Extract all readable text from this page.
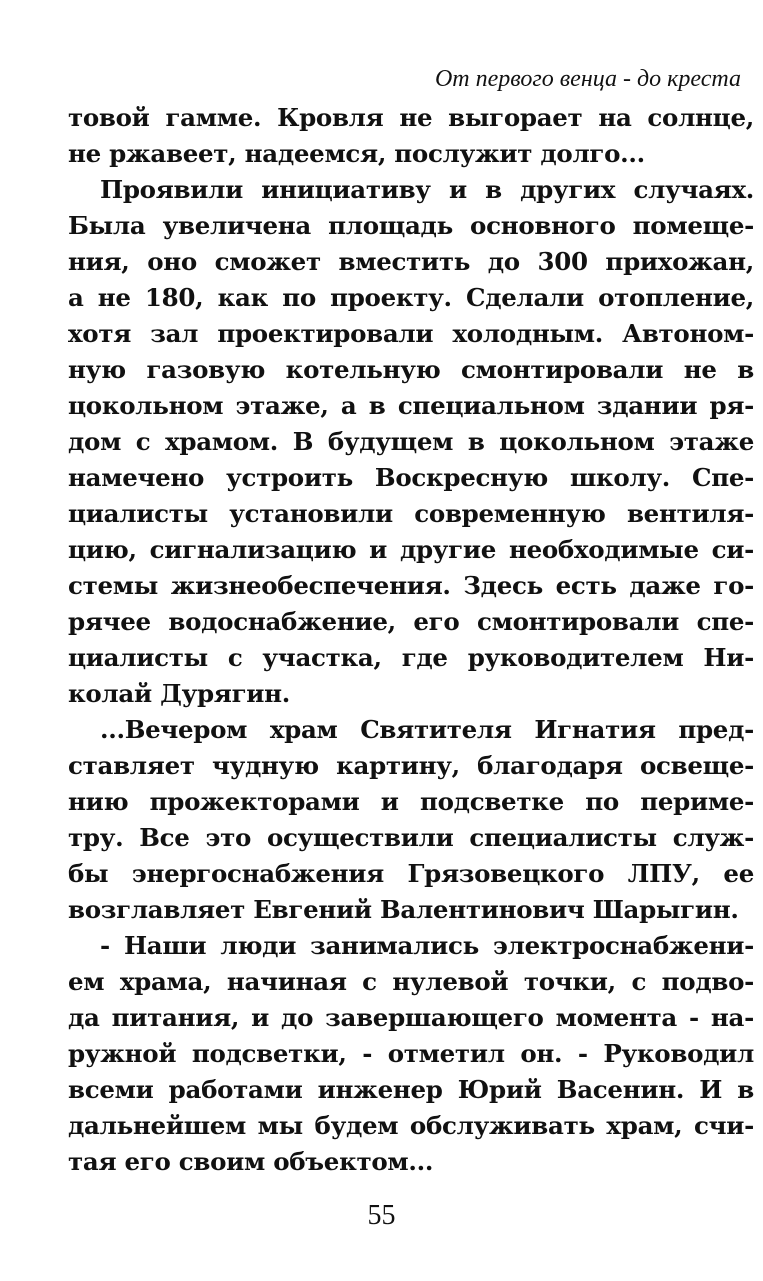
От первого венца - до креста
товой гамме. Кровля не выгорает на солнце,
не ржавеет, надеемся, послужит долго...
Проявили инициативу и в других случаях.
Была увеличена площадь основного помеще-
ния, оно сможет вместить до 300 прихожан,
а не 180, как по проекту. Сделали отопление,
хотя зал проектировали холодным. Автоном-
ную газовую котельную смонтировали не в
цокольном этаже, а в специальном здании ря-
дом с храмом. В будущем в цокольном этаже
намечено устроить Воскресную школу. Спе-
циалисты установили современную вентиля-
цию, сигнализацию и другие необходимые си-
стемы жизнеобеспечения. Здесь есть даже го-
рячее водоснабжение, его смонтировали спе-
циалисты с участка, где руководителем Ни-
колай Дурягин.
...Вечером храм Святителя Игнатия пред-
ставляет чудную картину, благодаря освеще-
нию прожекторами и подсветке по периме-
тру. Все это осуществили специалисты служ-
бы энергоснабжения Грязовецкого ЛПУ, ее
возглавляет Евгений Валентинович Шарыгин.
- Наши люди занимались электроснабжени-
ем храма, начиная с нулевой точки, с подво-
да питания, и до завершающего момента - на-
ружной подсветки, - отметил он. - Руководил
всеми работами инженер Юрий Васенин. И в
дальнейшем мы будем обслуживать храм, счи-
тая его своим объектом...
55
